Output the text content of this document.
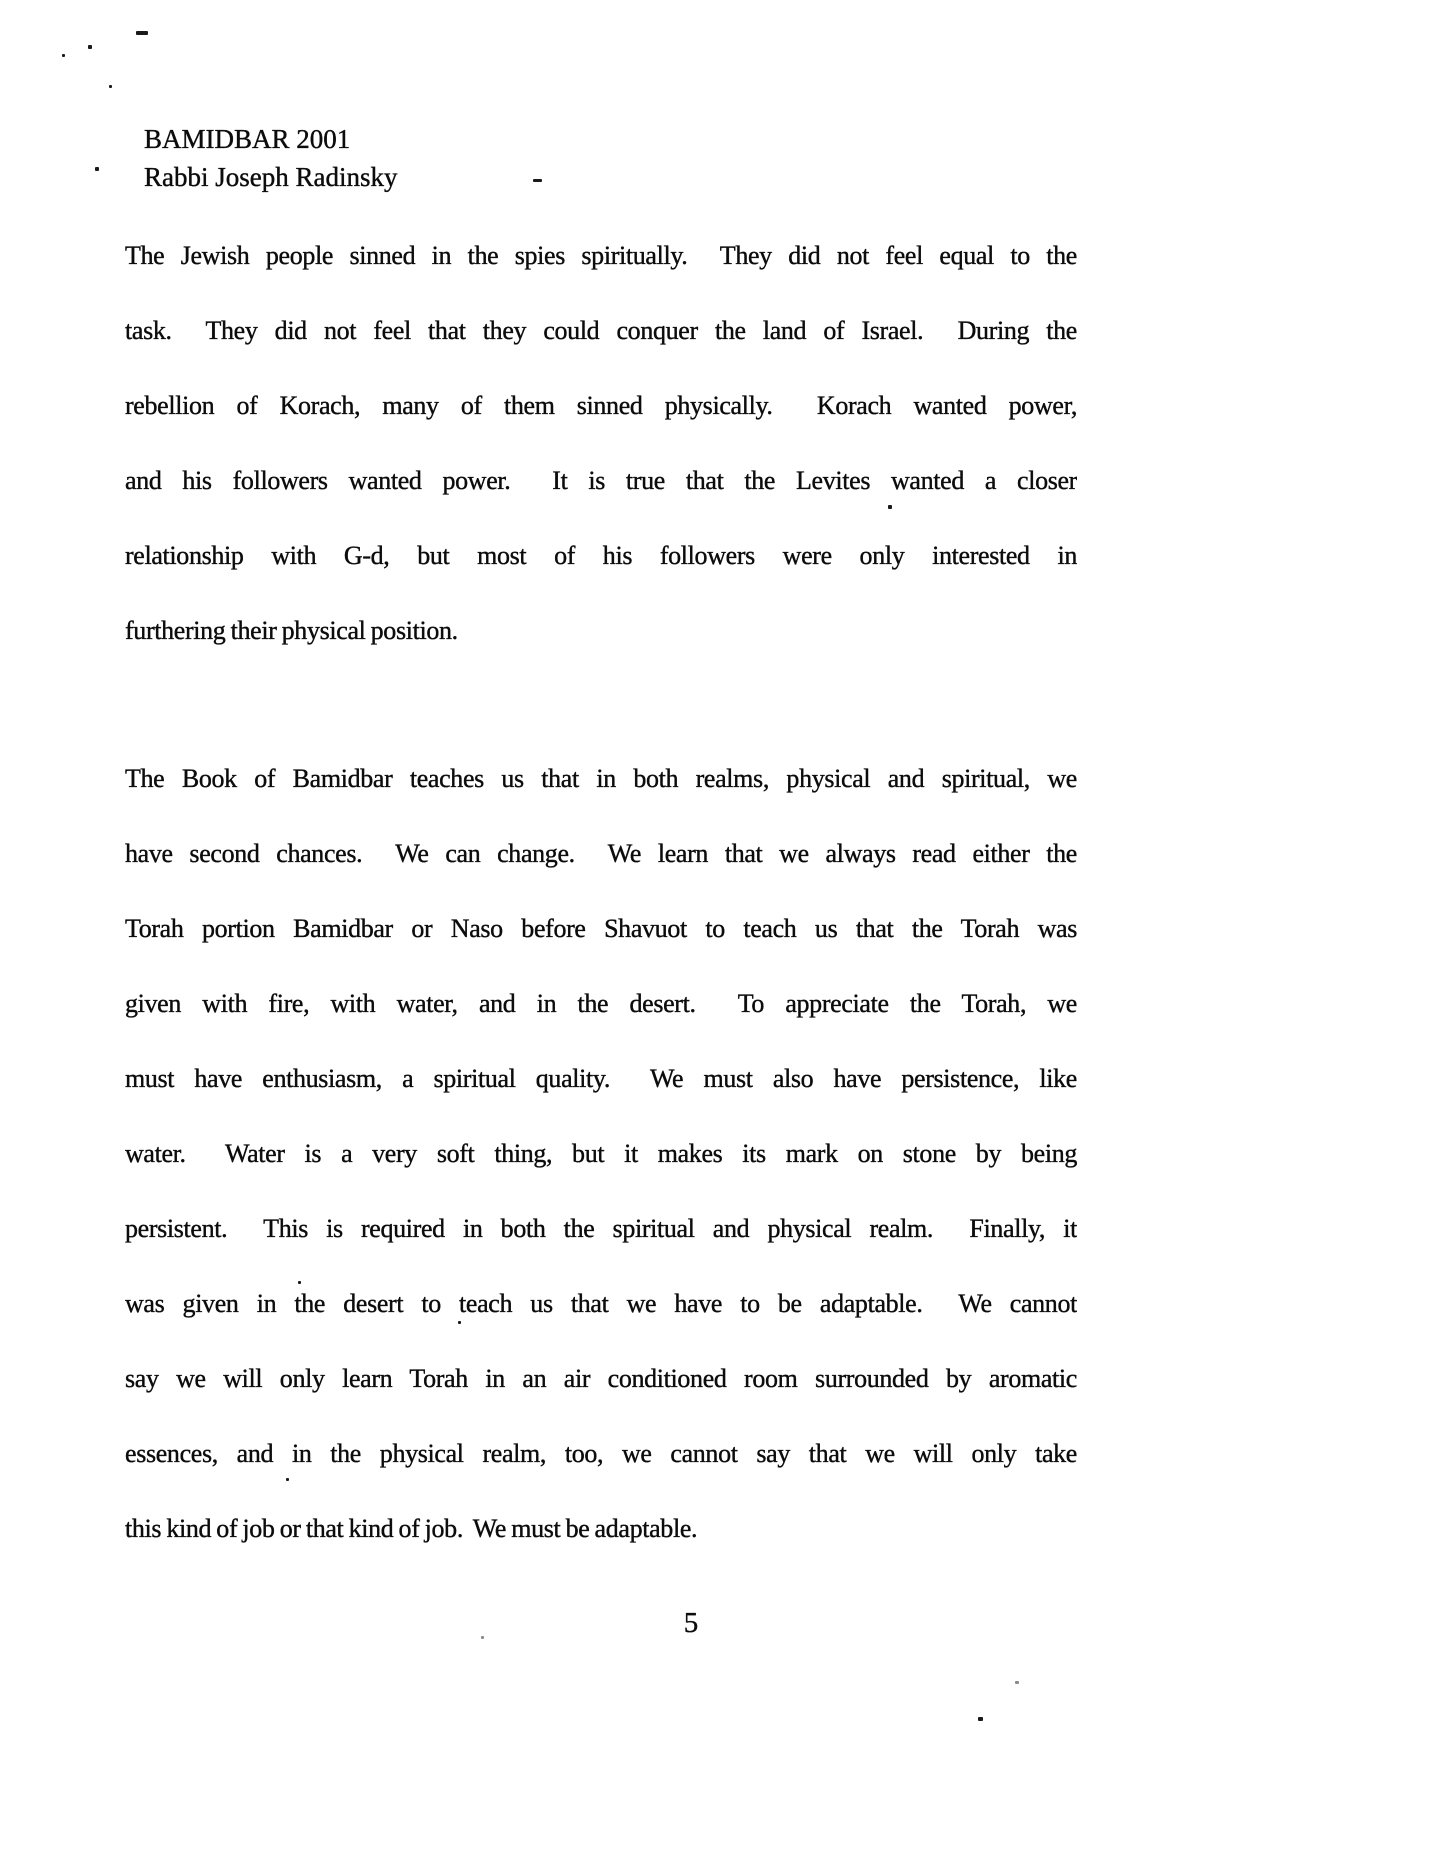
BAMIDBAR 2001
Rabbi Joseph Radinsky
The Jewish people sinned in the spies spiritually.  They did not feel equal to the
task.  They did not feel that they could conquer the land of Israel.  During the
rebellion of Korach, many of them sinned physically.  Korach wanted power,
and his followers wanted power.  It is true that the Levites wanted a closer
relationship with G-d, but most of his followers were only interested in
furthering their physical position.
The Book of Bamidbar teaches us that in both realms, physical and spiritual, we
have second chances.  We can change.  We learn that we always read either the
Torah portion Bamidbar or Naso before Shavuot to teach us that the Torah was
given with fire, with water, and in the desert.  To appreciate the Torah, we
must have enthusiasm, a spiritual quality.  We must also have persistence, like
water.  Water is a very soft thing, but it makes its mark on stone by being
persistent.  This is required in both the spiritual and physical realm.  Finally, it
was given in the desert to teach us that we have to be adaptable.  We cannot
say we will only learn Torah in an air conditioned room surrounded by aromatic
essences, and in the physical realm, too, we cannot say that we will only take
this kind of job or that kind of job.  We must be adaptable.
5
